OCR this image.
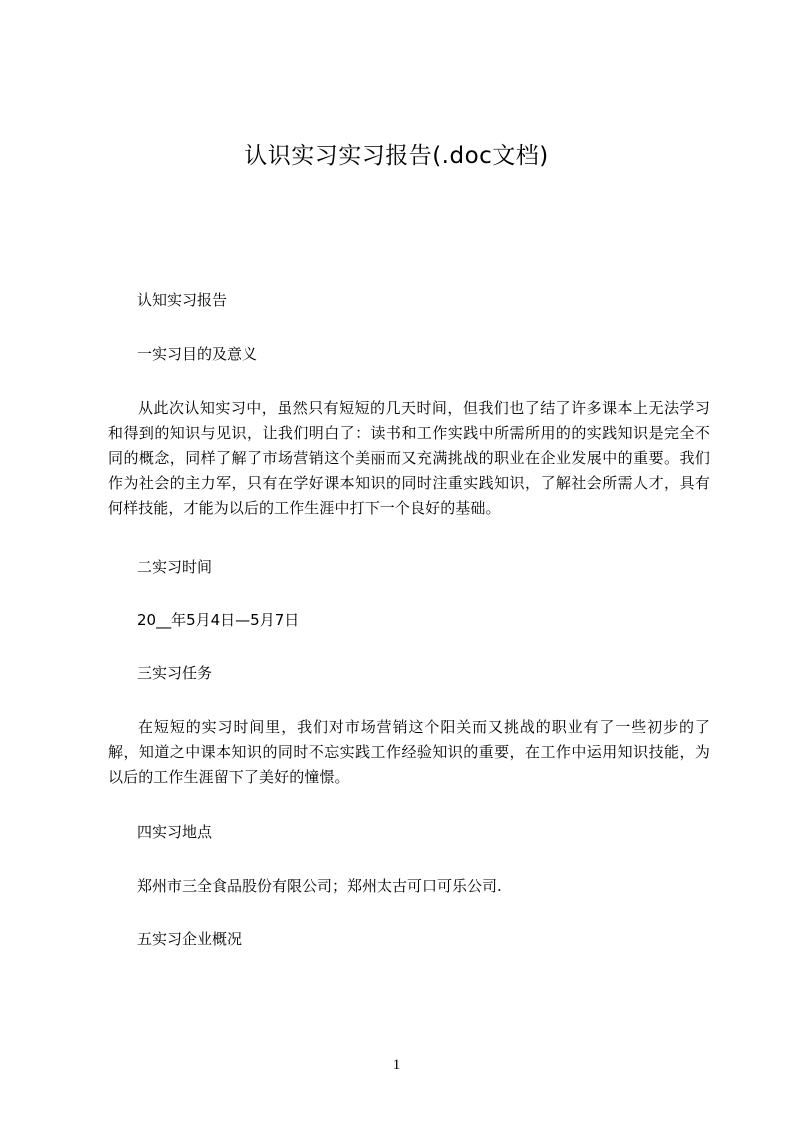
认识实习实习报告(.doc文档)
认知实习报告
一实习目的及意义
从此次认知实习中，虽然只有短短的几天时间，但我们也了结了许多课本上无法学习和得到的知识与见识，让我们明白了：读书和工作实践中所需所用的的实践知识是完全不同的概念，同样了解了市场营销这个美丽而又充满挑战的职业在企业发展中的重要。我们作为社会的主力军，只有在学好课本知识的同时注重实践知识，了解社会所需人才，具有何样技能，才能为以后的工作生涯中打下一个良好的基础。
二实习时间
20__年5月4日—5月7日
三实习任务
在短短的实习时间里，我们对市场营销这个阳关而又挑战的职业有了一些初步的了解，知道之中课本知识的同时不忘实践工作经验知识的重要，在工作中运用知识技能，为以后的工作生涯留下了美好的憧憬。
四实习地点
郑州市三全食品股份有限公司；郑州太古可口可乐公司.
五实习企业概况
1
